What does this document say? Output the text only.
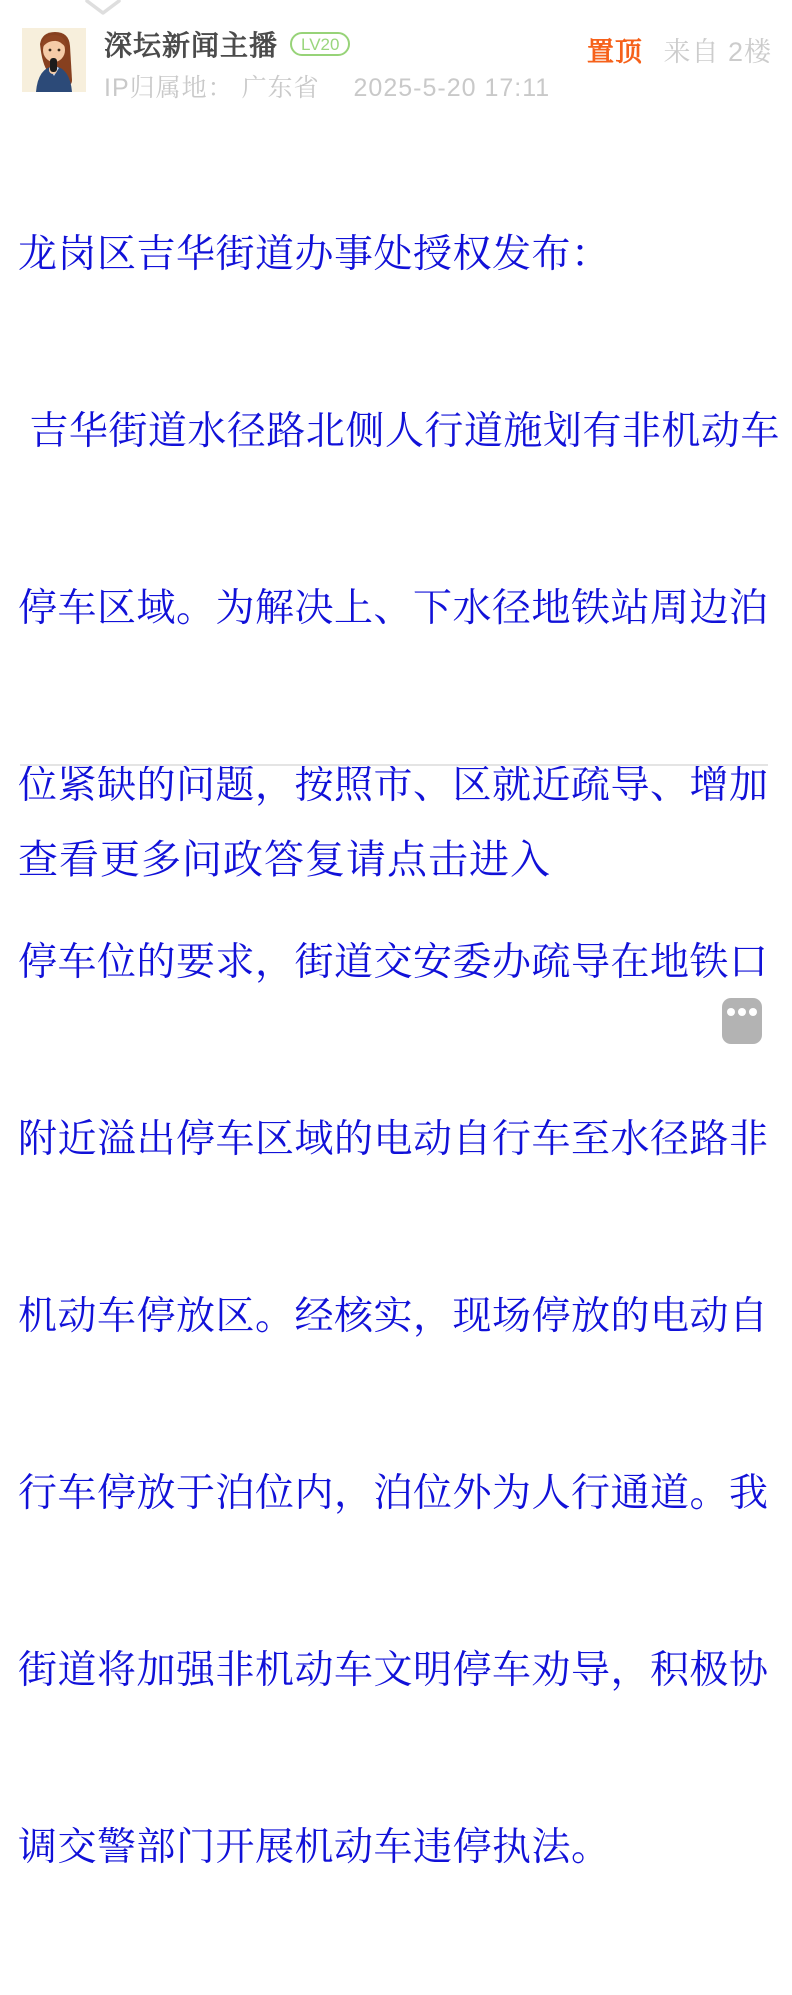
深坛新闻主播	LV20
IP归属地： 广东省 2025-5-20 17:11
置顶 来自 2楼

龙岗区吉华街道办事处授权发布：

吉华街道水径路北侧人行道施划有非机动车

停车区域。为解决上、下水径地铁站周边泊

位紧缺的问题，按照市、区就近疏导、增加

停车位的要求，街道交安委办疏导在地铁口

附近溢出停车区域的电动自行车至水径路非

机动车停放区。经核实，现场停放的电动自

行车停放于泊位内，泊位外为人行通道。我

街道将加强非机动车文明停车劝导，积极协

调交警部门开展机动车违停执法。

查看更多问政答复请点击进入
